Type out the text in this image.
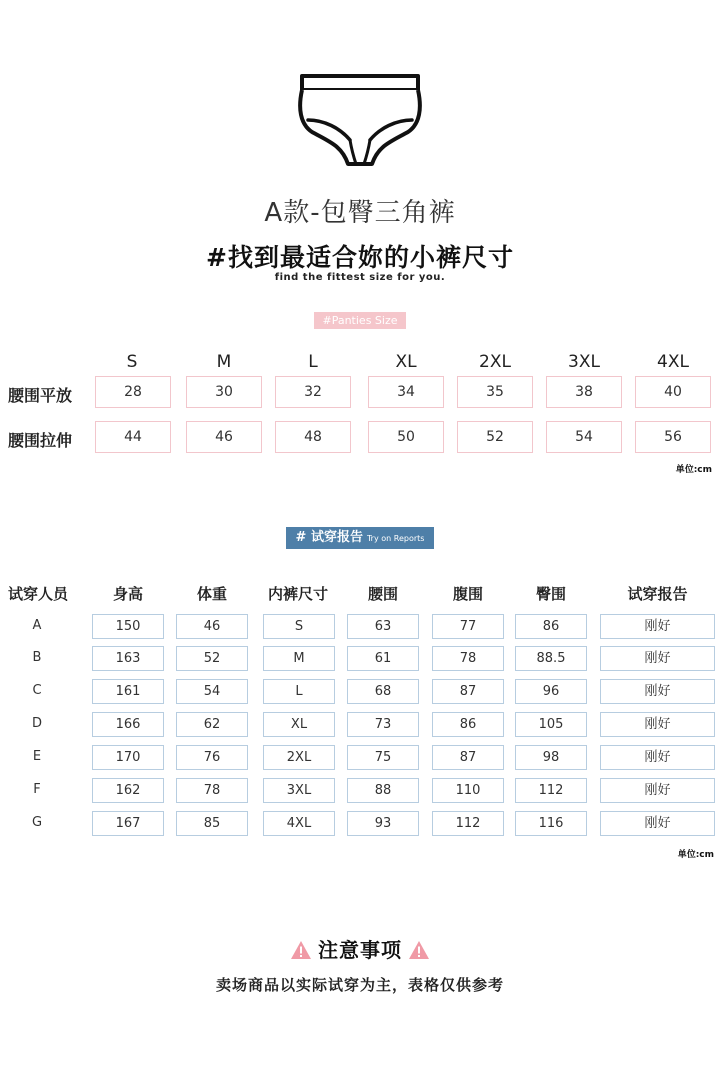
A款-包臀三角裤
#找到最适合妳的小裤尺寸
find the fittest size for you.
#Panties Size
S	M	L	XL	2XL	3XL	4XL
腰围平放	28	30	32	34	35	38	40
腰围拉伸	44	46	48	50	52	54	56
单位:cm
# 试穿报告 Try on Reports
试穿人员	身高	体重	内裤尺寸	腰围	腹围	臀围	试穿报告
A	150	46	S	63	77	86	刚好
B	163	52	M	61	78	88.5	刚好
C	161	54	L	68	87	96	刚好
D	166	62	XL	73	86	105	刚好
E	170	76	2XL	75	87	98	刚好
F	162	78	3XL	88	110	112	刚好
G	167	85	4XL	93	112	116	刚好
单位:cm
注意事项
卖场商品以实际试穿为主，表格仅供参考
